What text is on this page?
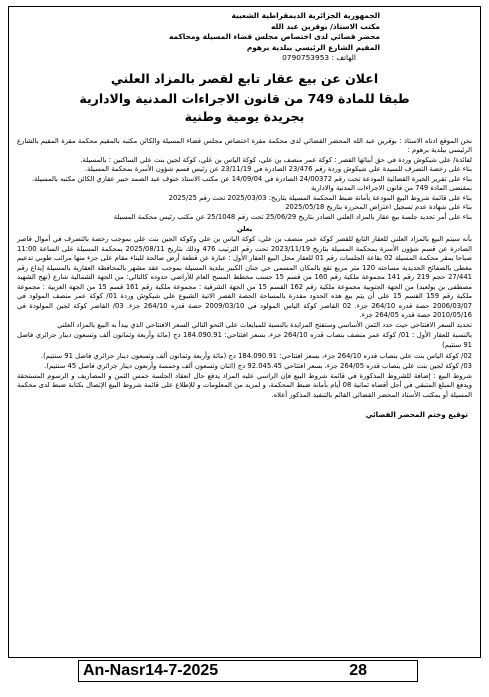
الجمهورية الجزائرية الديمقراطية الشعبية
مكتب الاستاذ/ بوقرين عبد الله
محضر قضائي لدى اختصاص مجلس قضاء المسيلة ومحاكمه
المقيم الشارع الرئيسي ببلدية برهوم
الهاتف : 0790753953
اعلان عن بيع عقار تابع لقصر بالمزاد العلني
طبقا للمادة 749 من قانون الاجراءات المدنية والادارية
بجريدة يومية وطنية

نحن الموقع ادناه الاستاذ : بوقرين عبد الله المحضر القضائي لدى محكمة مقرة اختصاص مجلس قضاء المسيلة والكائن مكتبه بالمقيم محكمة مقرة المقيم بالشارع الرئيسي ببلدية برهوم :

لفائدة/ علي شيكوش وردة في حق أبنائها القصر : كوكة عمر منصف بن علي، كوكة الياس بن علي، كوكة لجين بنت علي الساكنين : بالمسيلة.

بناء على رخصة التصرف للسيدة علي شيكوش وردة رقم 23/476 الصادرة في 23/11/19 عن رئيس قسم شؤون الأسرة بمحكمة المسيلة.

بناء على تقرير الخبرة القضائية المودعة تحت رقم 24/00372 الصادرة في 14/09/04 عن مكتب الاستاذ خنوف عبد الصمد خبير عقاري الكائن مكتبه بالمسيلة.

بمقتضى المادة 749 من قانون الاجراءات المدنية والادارية

بناء على قائمة شروط البيع المودعة بأمانة ضبط المحكمة المسيلة بتاريخ: 2025/03/03 تحت رقم 2025/25

بناء على شهادة عدم تسجيل اعتراض المحررة بتاريخ 2025/05/18

بناء على أمر تحديد جلسة بيع عقار بالمزاد العلني الصادر بتاريخ 25/06/29 تحت رقم 25/1048 عن مكتب رئيس محكمة المسيلة

يعلن

بأنه سيتم البيع بالمزاد العلني للعقار التابع للقصر كوكة عمر منصف بن علي، كوكة الياس بن علي وكوكة الجين بنت علي بموجب رخصة بالتصرف في أموال قاصر الصادرة عن قسم شؤون الأسرة بمحكمة المسيلة بتاريخ 2023/11/19 تحت رقم الترتيب 476 وذلك بتاريخ 2025/08/11 بمحكمة المسيلة على الساعة 11:00 صباحا بمقر محكمة المسيلة 02 بقاعة الجلسات رقم 01 للعقار محل البيع العقار الأول : عبارة عن قطعة أرض صالحة للبناء مقام على جزء منها مرائب طوبي تدعيم مغطى بالصفائح الحديدية مساحته 120 متر مربع تقع بالمكان المسمى حي جنان الكبير ببلدية المسيلة بموجب عقد مشهر بالمحافظة العقارية بالمسيلة إيداع رقم 27/441 حجم 219 رقم 141 مجموعة ملكية رقم 160 من قسم 15 حسب مخطط المسح العام للأراضي حدوده كالتالي: من الجهة الشمالية شارع (نهج الشهيد مصطفى بن بولعيد) من الجهة الجنوبية مجموعة ملكية رقم 162 القسم 15 من الجهة الشرقية : مجموعة ملكية رقم 161 قسم 15 من الجهة الغربية : مجموعة ملكية رقم 159 القسم 15 على أن يتم بيع هذه الحدود مقدرة بالمساحة الحصة القصر الاتية الشيوع علي شيكوش وردة 01/ كوكة عمر منصف المولود في 2006/03/07 حصة قدره 264/10 جزء. 02 القاصر كوكة الياس المولود في 2009/03/10 حصة قدره 264/10 جزء. 03/ القاصر كوكة لجين المولودة في 2010/05/16 حصة قدره 264/05 جزء.

تحديد السعر الافتتاحي حيث حدد الثمن الأساسي وستفتح المزايدة بالنسبة للمبايعات على النحو التالي السعر الافتتاحي الذي يبدأ به البيع بالمزاد العلني

بالنسبة للعقار الأول : 01/ كوكة عمر منصف بنصاب قدره 264/10 جزء، بسعر افتتاحي: 184.090.91 دج (مائة وأربعة وثمانون ألف وتسعون دينار جزائري فاصل 91 سنتيم)

02/ كوكة الياس بنت علي بنصاب قدره 264/10 جزء، بسعر افتتاحي: 184.090.91 دج (مائة وأربعة وثمانون ألف وتسعون دينار جزائري فاصل 91 سنتيم).

03/ كوكة لجين بنت علي بنصاب قدره 264/05 جزء، بسعر افتتاحي 92.045.45 دج (اثنان وتسعون ألف وخمسة وأربعون دينار جزائري فاصل 45 سنتيم).

شروط البيع : إضافة للشروط المذكورة في قائمة شروط البيع فإن الراسي عليه المزاد يدفع حال انعقاد الجلسة خمس الثمن و المصاريف و الرسوم المستحقة ويدفع المبلغ المتبقي في أجل أقصاه ثمانية 08 أيام بأمانة ضبط المحكمة، و لمزيد من المعلومات و للإطلاع على قائمة شروط البيع الإتصال بكتابة ضبط لدى محكمة المسيلة أو بمكتب الأستاذ المحضر القضائي القائم بالتنفيذ المذكور أعلاه.

توقيع وختم المحضر القضائي
An-Nasr14-7-2025	28
